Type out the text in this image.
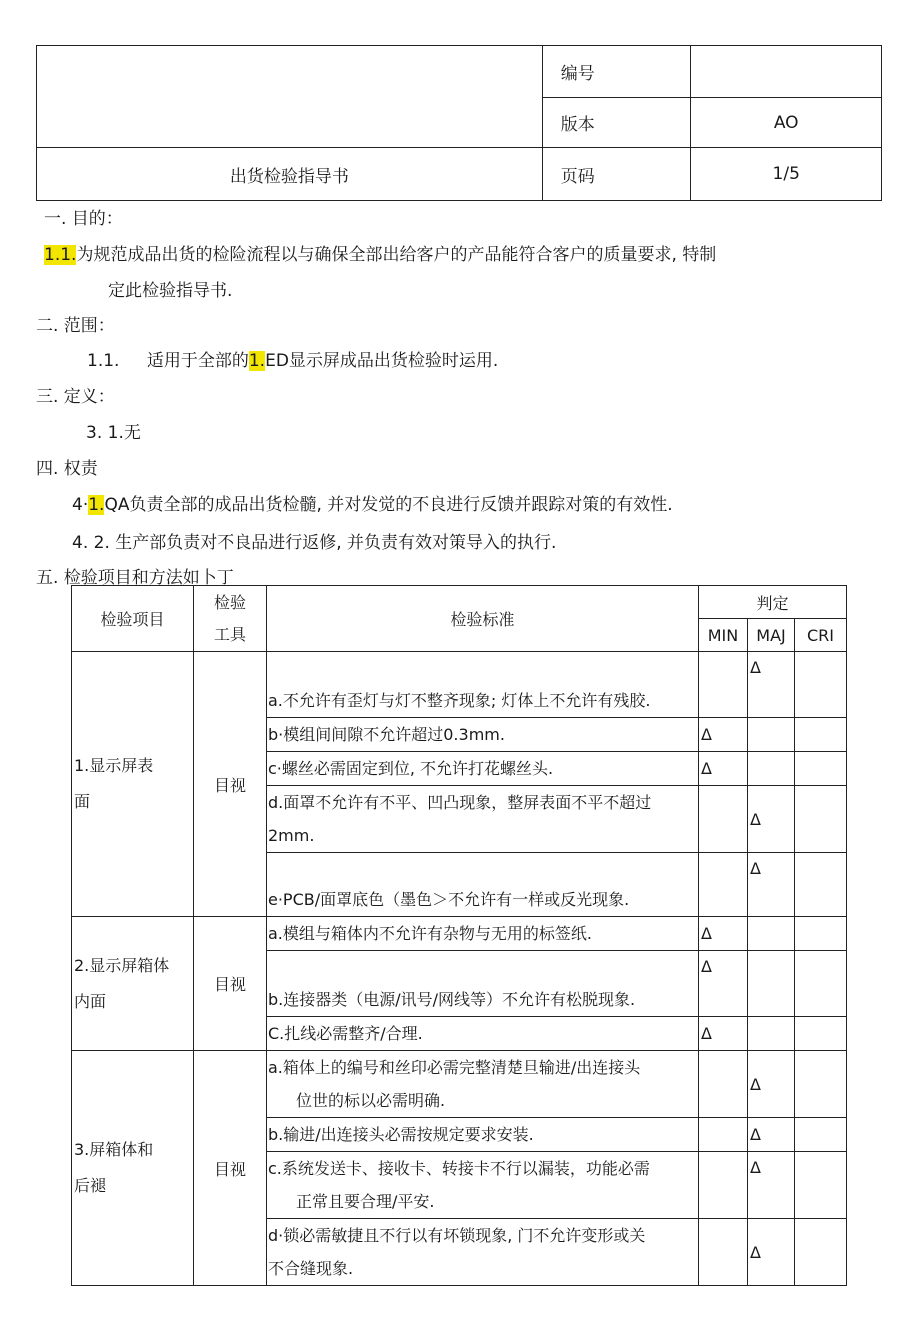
	编号	
	版本	AO
出货检验指导书	页码	1/5
一. 目的：
1.1.为规范成品出货的检险流程以与确保全部出给客户的产品能符合客户的质量要求, 特制
定此检验指导书.
二. 范围：
1.1. 适用于全部的1.ED显示屏成品出货检验时运用.
三. 定义：
3. 1.无
四. 权责
4·1.QA负责全部的成品出货检髓, 并对发觉的不良进行反馈并跟踪对策的有效性.
4. 2. 生产部负责对不良品进行返修, 并负责有效对策导入的执行.
五. 检验项目和方法如卜丁
检验项目	检验
工具	检验标准	判定		
			MIN	MAJ	CRI
1.显示屏表
面	目视	a.不允许有歪灯与灯不整齐现象; 灯体上不允许有残胶.		Δ	
		b·模组间间隙不允许超过0.3mm.	Δ		
		c·螺丝必需固定到位, 不允许打花螺丝头.	Δ		
		d.面罩不允许有不平、凹凸现象，整屏表面不平不超过
2mm.		Δ	
		e·PCB/面罩底色（墨色＞不允许有一样或反光现象.		Δ	
2.显示屏箱体
内面	目视	a.模组与箱体内不允许有杂物与无用的标签纸.	Δ		
		b.连接器类（电源/讯号/网线等）不允许有松脱现象.	Δ		
		C.扎线必需整齐/合理.	Δ		
3.屏箱体和
后褪	目视	a.箱体上的编号和丝印必需完整清楚旦输进/出连接头
位世的标以必需明确.		Δ	
		b.输进/出连接头必需按规定要求安装.		Δ	
		c.系统发送卡、接收卡、转接卡不行以漏装，功能必需
正常且要合理/平安.		Δ	
		d·锁必需敏捷且不行以有坏锁现象, 门不允许变形或关
不合缝现象.		Δ	
